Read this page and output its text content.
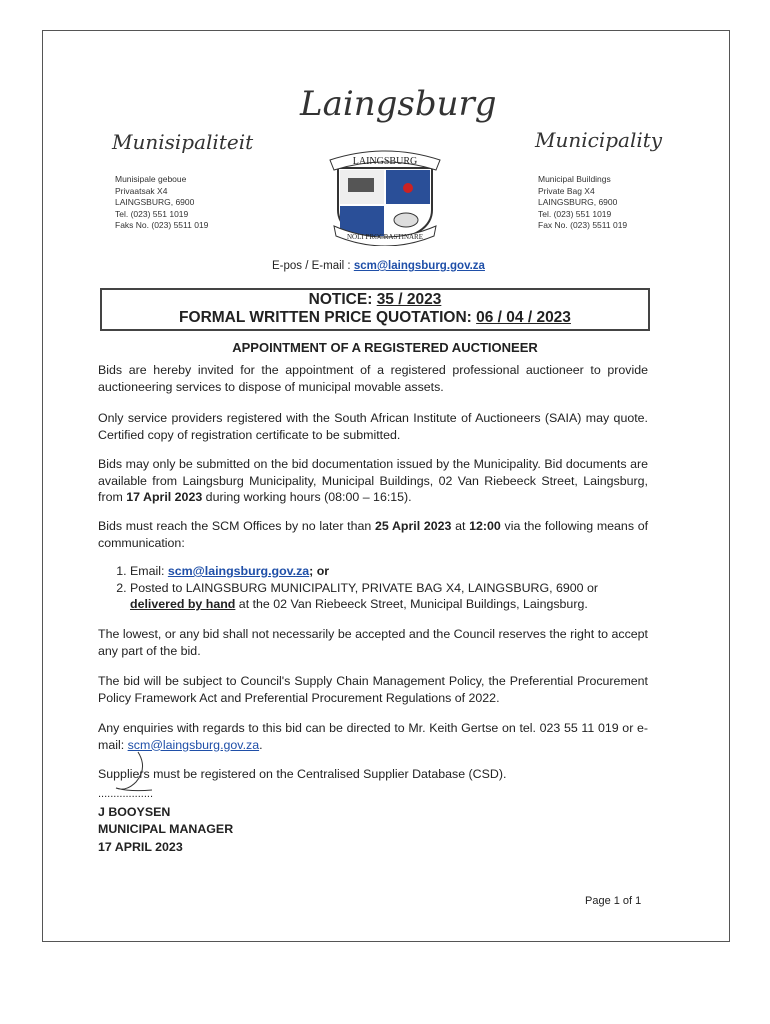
Laingsburg
Munisipaliteit	Municipality
Munisipale geboue
Privaatsak X4
LAINGSBURG, 6900
Tel. (023) 551 1019
Faks No. (023) 5511 019
Municipal Buildings
Private Bag X4
LAINGSBURG, 6900
Tel. (023) 551 1019
Fax No. (023) 5511 019
LAINGSBURG
NOLI PROCRASTINARE
E-pos / E-mail : scm@laingsburg.gov.za
NOTICE: 35 / 2023
FORMAL WRITTEN PRICE QUOTATION: 06 / 04 / 2023
APPOINTMENT OF A REGISTERED AUCTIONEER
Bids are hereby invited for the appointment of a registered professional auctioneer to provide auctioneering services to dispose of municipal movable assets.
Only service providers registered with the South African Institute of Auctioneers (SAIA) may quote. Certified copy of registration certificate to be submitted.
Bids may only be submitted on the bid documentation issued by the Municipality. Bid documents are available from Laingsburg Municipality, Municipal Buildings, 02 Van Riebeeck Street, Laingsburg, from 17 April 2023 during working hours (08:00 – 16:15).
Bids must reach the SCM Offices by no later than 25 April 2023 at 12:00 via the following means of communication:
1. Email: scm@laingsburg.gov.za; or
2. Posted to LAINGSBURG MUNICIPALITY, PRIVATE BAG X4, LAINGSBURG, 6900 or delivered by hand at the 02 Van Riebeeck Street, Municipal Buildings, Laingsburg.
The lowest, or any bid shall not necessarily be accepted and the Council reserves the right to accept any part of the bid.
The bid will be subject to Council's Supply Chain Management Policy, the Preferential Procurement Policy Framework Act and Preferential Procurement Regulations of 2022.
Any enquiries with regards to this bid can be directed to Mr. Keith Gertse on tel. 023 55 11 019 or e-mail: scm@laingsburg.gov.za.
Suppliers must be registered on the Centralised Supplier Database (CSD).
..................
J BOOYSEN
MUNICIPAL MANAGER
17 APRIL 2023
Page 1 of 1
